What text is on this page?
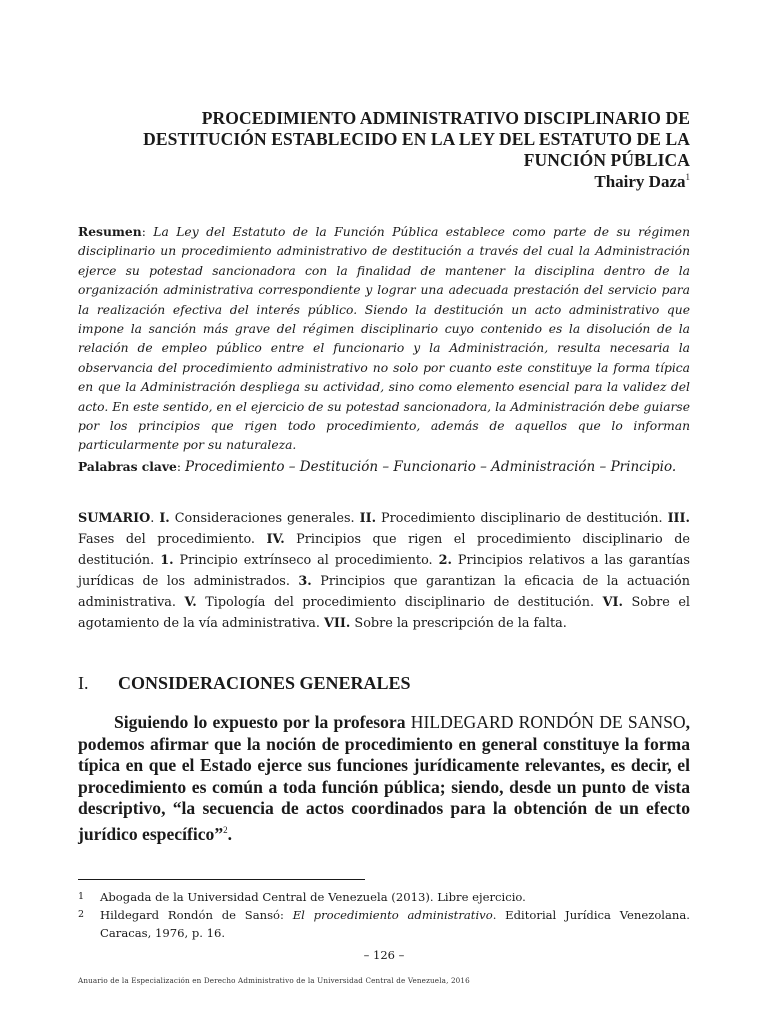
PROCEDIMIENTO ADMINISTRATIVO DISCIPLINARIO DE
DESTITUCIÓN ESTABLECIDO EN LA LEY DEL ESTATUTO DE LA
FUNCIÓN PÚBLICA
Thairy Daza$^1$
Resumen: La Ley del Estatuto de la Función Pública establece como parte de su régimen disciplinario un procedimiento administrativo de destitución a través del cual la Administración ejerce su potestad sancionadora con la finalidad de mantener la disciplina dentro de la organización administrativa correspondiente y lograr una adecuada prestación del servicio para la realización efectiva del interés público. Siendo la destitución un acto administrativo que impone la sanción más grave del régimen disciplinario cuyo contenido es la disolución de la relación de empleo público entre el funcionario y la Administración, resulta necesaria la observancia del procedimiento administrativo no solo por cuanto este constituye la forma típica en que la Administración despliega su actividad, sino como elemento esencial para la validez del acto. En este sentido, en el ejercicio de su potestad sancionadora, la Administración debe guiarse por los principios que rigen todo procedimiento, además de aquellos que lo informan particularmente por su naturaleza.
Palabras clave: Procedimiento – Destitución – Funcionario – Administración – Principio.
SUMARIO. I. Consideraciones generales. II. Procedimiento disciplinario de destitución. III. Fases del procedimiento. IV. Principios que rigen el procedimiento disciplinario de destitución. 1. Principio extrínseco al procedimiento. 2. Principios relativos a las garantías jurídicas de los administrados. 3. Principios que garantizan la eficacia de la actuación administrativa. V. Tipología del procedimiento disciplinario de destitución. VI. Sobre el agotamiento de la vía administrativa. VII. Sobre la prescripción de la falta.
I. CONSIDERACIONES GENERALES
Siguiendo lo expuesto por la profesora HILDEGARD RONDÓN DE SANSO, podemos afirmar que la noción de procedimiento en general constituye la forma típica en que el Estado ejerce sus funciones jurídicamente relevantes, es decir, el procedimiento es común a toda función pública; siendo, desde un punto de vista descriptivo, “la secuencia de actos coordinados para la obtención de un efecto jurídico específico”$^2$.
1	Abogada de la Universidad Central de Venezuela (2013). Libre ejercicio.
2	Hildegard Rondón de Sansó: El procedimiento administrativo. Editorial Jurídica Venezolana. Caracas, 1976, p. 16.
– 126 –
Anuario de la Especialización en Derecho Administrativo de la Universidad Central de Venezuela, 2016
